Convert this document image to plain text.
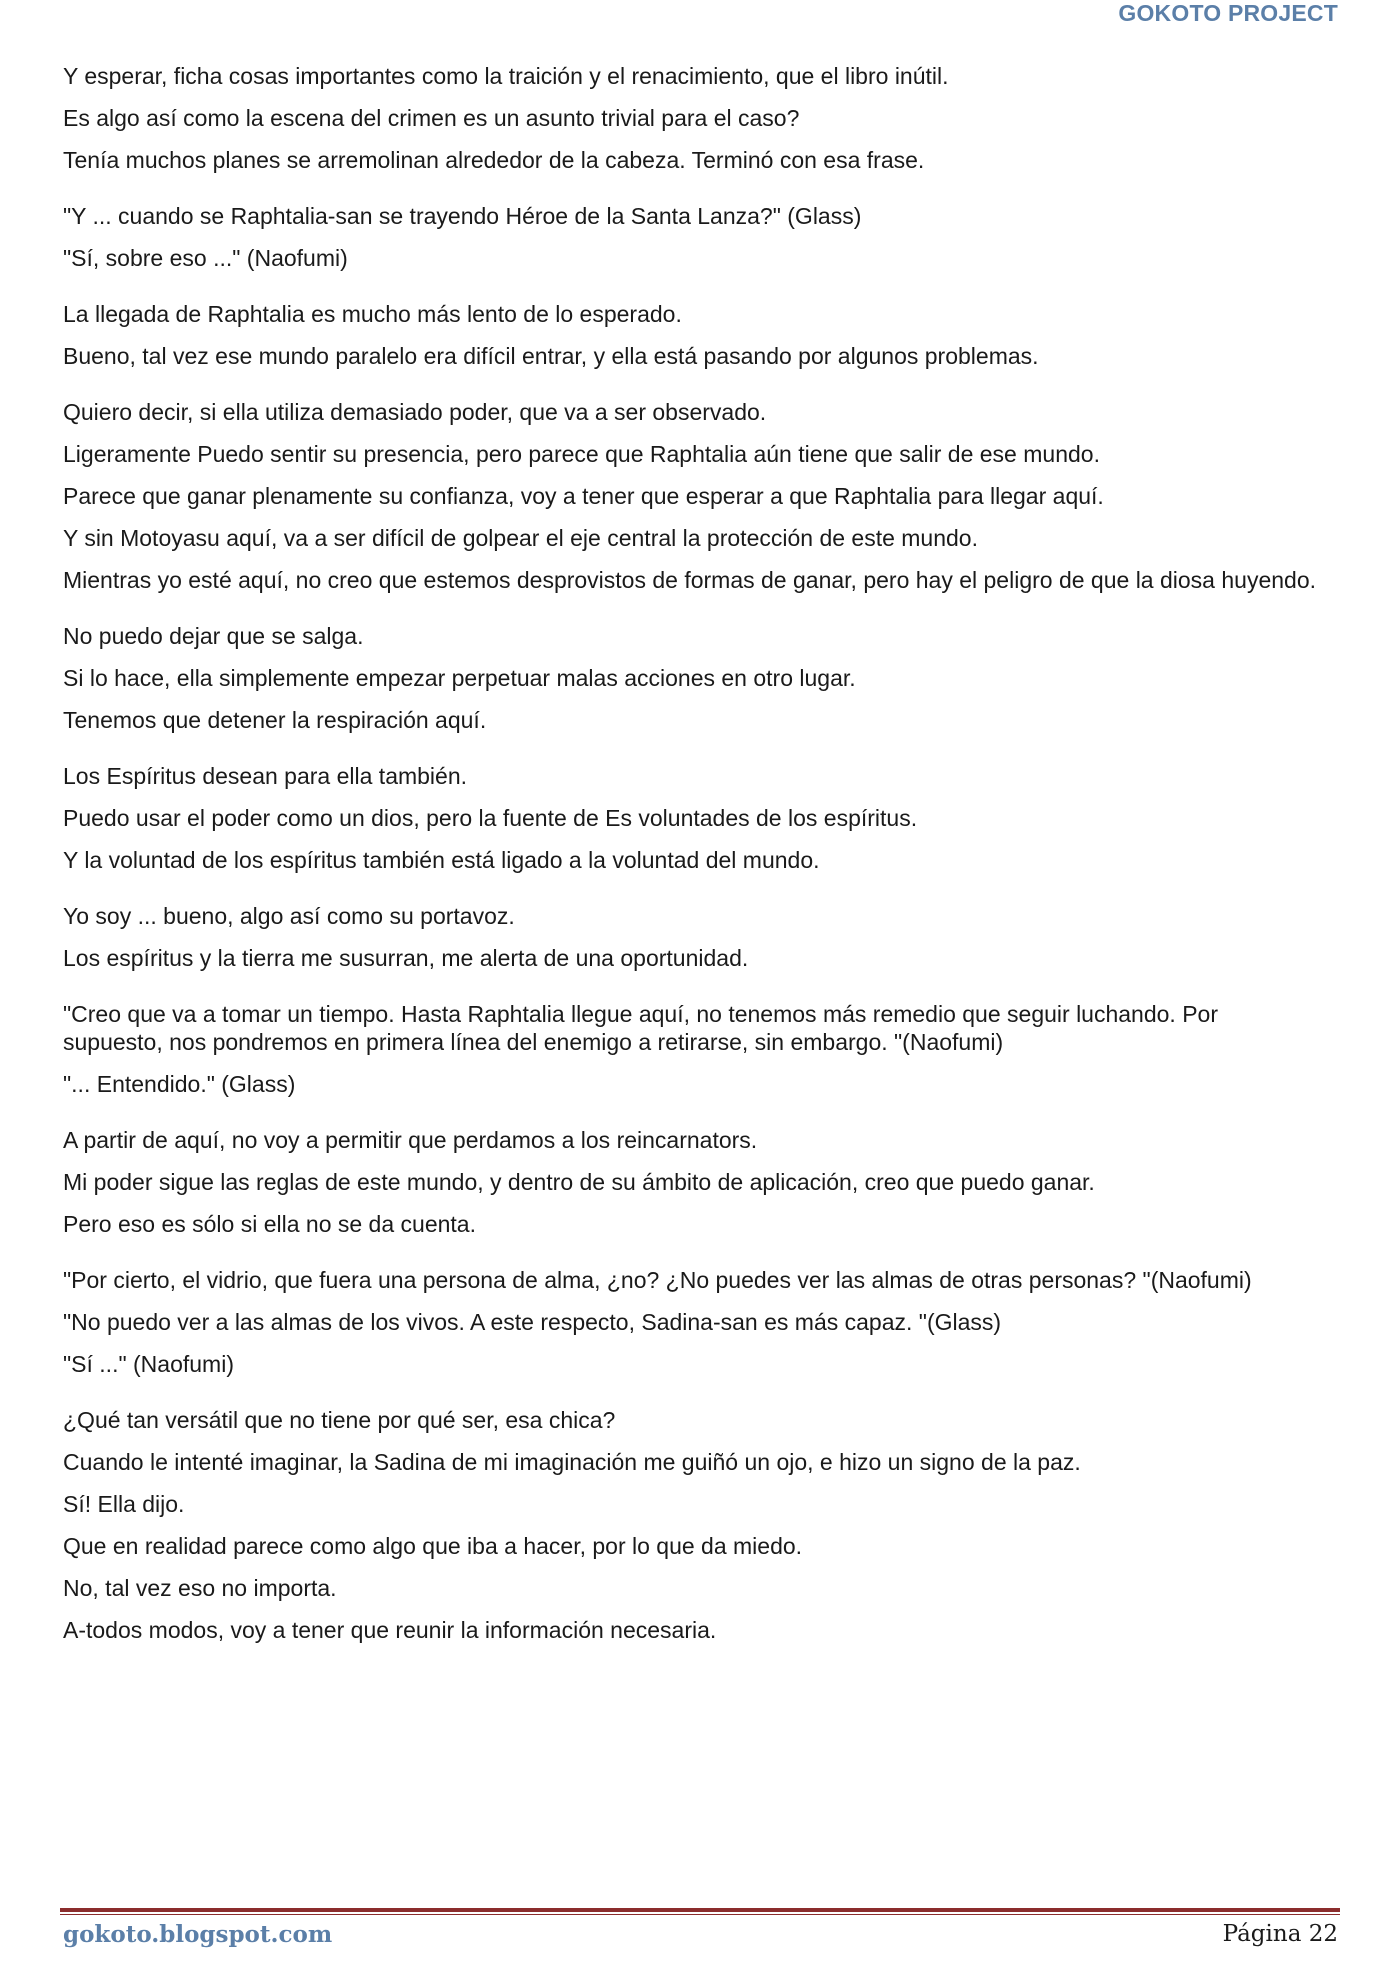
GOKOTO PROJECT

Y esperar, ficha cosas importantes como la traición y el renacimiento, que el libro inútil.

Es algo así como la escena del crimen es un asunto trivial para el caso?

Tenía muchos planes se arremolinan alrededor de la cabeza. Terminó con esa frase.

"Y ... cuando se Raphtalia-san se trayendo Héroe de la Santa Lanza?" (Glass)

"Sí, sobre eso ..." (Naofumi)

La llegada de Raphtalia es mucho más lento de lo esperado.

Bueno, tal vez ese mundo paralelo era difícil entrar, y ella está pasando por algunos problemas.

Quiero decir, si ella utiliza demasiado poder, que va a ser observado.

Ligeramente Puedo sentir su presencia, pero parece que Raphtalia aún tiene que salir de ese mundo.

Parece que ganar plenamente su confianza, voy a tener que esperar a que Raphtalia para llegar aquí.

Y sin Motoyasu aquí, va a ser difícil de golpear el eje central la protección de este mundo.

Mientras yo esté aquí, no creo que estemos desprovistos de formas de ganar, pero hay el peligro de que la diosa huyendo.

No puedo dejar que se salga.

Si lo hace, ella simplemente empezar perpetuar malas acciones en otro lugar.

Tenemos que detener la respiración aquí.

Los Espíritus desean para ella también.

Puedo usar el poder como un dios, pero la fuente de Es voluntades de los espíritus.

Y la voluntad de los espíritus también está ligado a la voluntad del mundo.

Yo soy ... bueno, algo así como su portavoz.

Los espíritus y la tierra me susurran, me alerta de una oportunidad.

"Creo que va a tomar un tiempo. Hasta Raphtalia llegue aquí, no tenemos más remedio que seguir luchando. Por supuesto, nos pondremos en primera línea del enemigo a retirarse, sin embargo. "(Naofumi)

"... Entendido." (Glass)

A partir de aquí, no voy a permitir que perdamos a los reincarnators.

Mi poder sigue las reglas de este mundo, y dentro de su ámbito de aplicación, creo que puedo ganar.

Pero eso es sólo si ella no se da cuenta.

"Por cierto, el vidrio, que fuera una persona de alma, ¿no? ¿No puedes ver las almas de otras personas? "(Naofumi)

"No puedo ver a las almas de los vivos. A este respecto, Sadina-san es más capaz. "(Glass)

"Sí ..." (Naofumi)

¿Qué tan versátil que no tiene por qué ser, esa chica?

Cuando le intenté imaginar, la Sadina de mi imaginación me guiñó un ojo, e hizo un signo de la paz.

Sí! Ella dijo.

Que en realidad parece como algo que iba a hacer, por lo que da miedo.

No, tal vez eso no importa.

A-todos modos, voy a tener que reunir la información necesaria.

gokoto.blogspot.com	Página 22
